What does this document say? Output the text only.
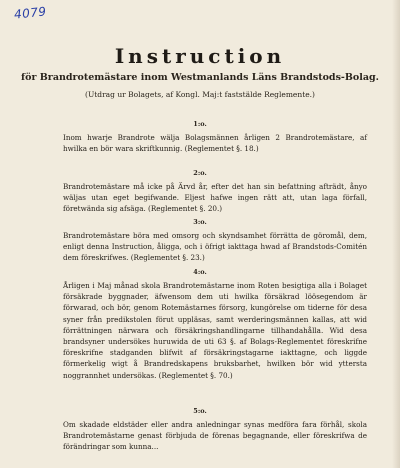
4079
Instruction
för Brandrotemästare inom Westmanlands Läns Brandstods-Bolag.
(Utdrag ur Bolagets, af Kongl. Maj:t faststälde Reglemente.)
1:o.

Inom hwarje Brandrote wälja Bolagsmännen årligen 2 Brandrotemästare, af hwilka en bör wara skriftkunnig. (Reglementet §. 18.)

2:o.

Brandrotemästare må icke på Ärvd år, efter det han sin befattning afträdt, ånyo wäljas utan eget begifwande. Eljest hafwe ingen rätt att, utan laga förfall, företwända sig afsäga. (Reglementet §. 20.)

3:o.

Brandrotemästare böra med omsorg och skyndsamhet förrätta de göromål, dem, enligt denna Instruction, åligga, och i öfrigt iakttaga hwad af Brandstods-Comitén dem föreskrifwes. (Reglementet §. 23.)

4:o.

Årligen i Maj månad skola Brandrotemästarne inom Roten besigtiga alla i Bolaget försäkrade byggnader, äfwensom dem uti hwilka försäkrad löösegendom är förwarad, och bör, genom Rotemästarnes försorg, kungörelse om tiderne för desa syner från predikstolen förut uppläsas, samt werderingsmännen kallas, att wid förrättningen närwara och försäkringshandlingarne tillhandahålla. Wid desa brandsyner undersökes huruwida de uti 63 §. af Bolags-Reglementet föreskrifne föreskrifne stadganden blifwit af försäkringstagarne iakttagne, och liggde förmerkelig wigt å Brandredskapens bruksbarhet, hwilken bör wid ytterstа noggrannhet undersökas. (Reglementet §. 70.)

5:o.

Om skadade eldstäder eller andra anledningar synas medföra fara förhål, skola Brandrotemästarne genast förbjuda de förenas begagnande, eller föreskrifwa de förändringar som kunna...
